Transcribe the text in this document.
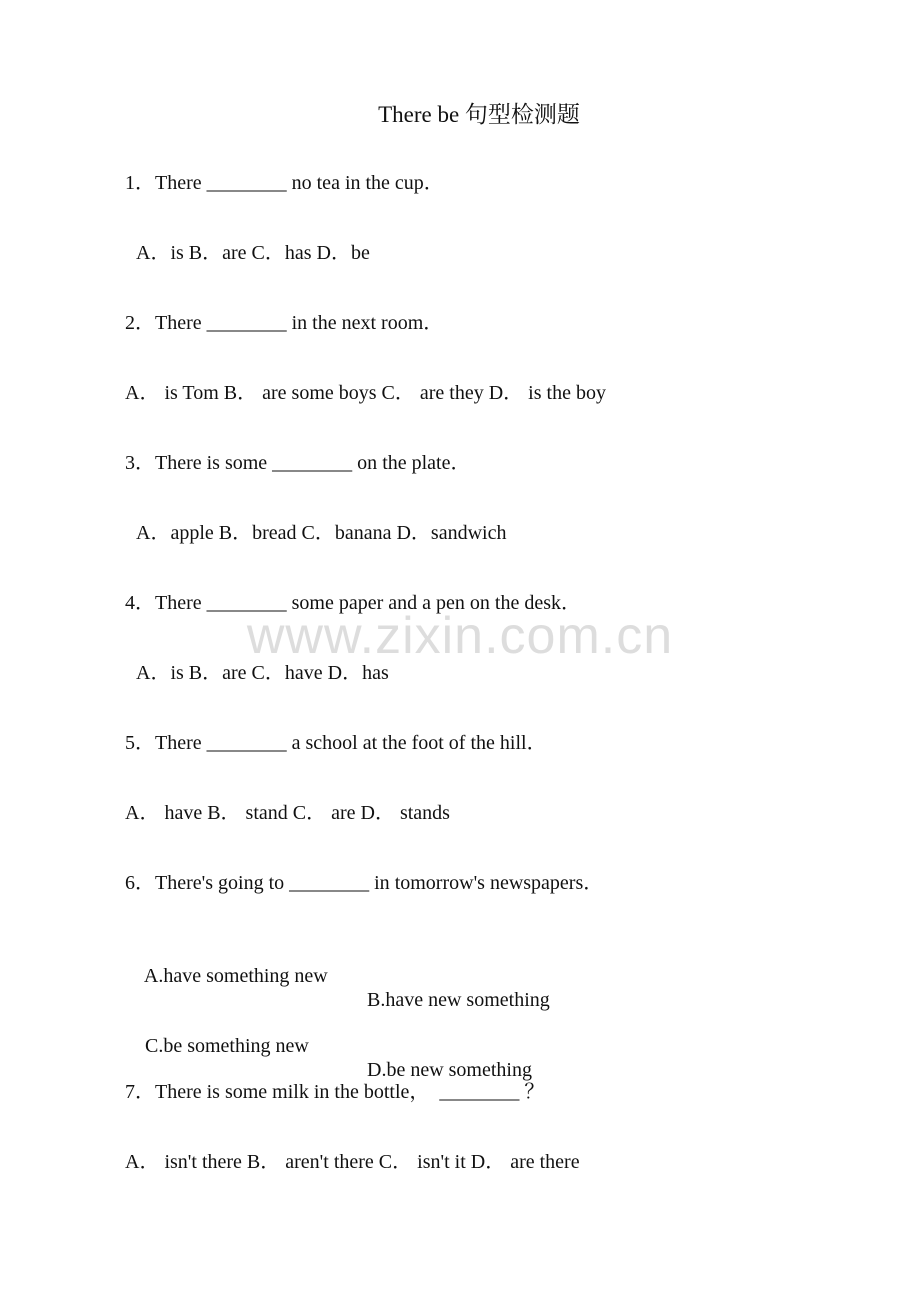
There be 句型检测题
1．There ________ no tea in the cup．
A．is B．are C．has D．be
2．There ________ in the next room．
A． is Tom B． are some boys C． are they D． is the boy
3．There is some ________ on the plate．
A．apple B．bread C．banana D．sandwich
4．There ________ some paper and a pen on the desk．
A．is B．are C．have D．has
5．There ________ a school at the foot of the hill．
A． have B． stand C． are D． stands
6．There's going to ________ in tomorrow's newspapers．

A.have something new

B.have new something

C.be something new

D.be new something

7．There is some milk in the bottle，　________ ？
A． isn't there B． aren't there C． isn't it D． are there
www.zixin.com.cn
